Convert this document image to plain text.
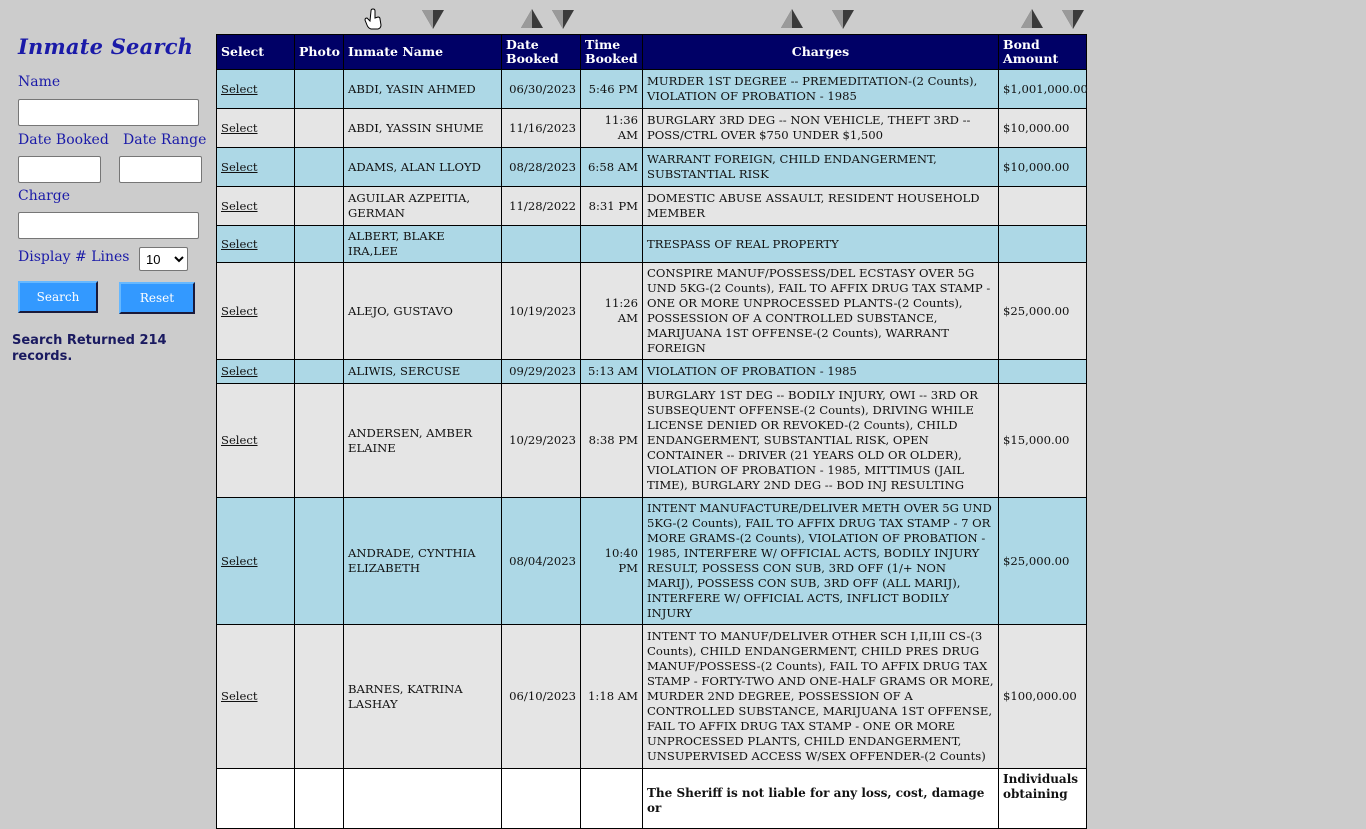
Inmate Search
Name
Date Booked Date Range
Charge
Display # Lines
10
Search	Reset
Search Returned 214 records.
Select	Photo	Inmate Name	Date Booked	Time Booked	Charges	Bond Amount
Select		ABDI, YASIN AHMED	06/30/2023	5:46 PM	MURDER 1ST DEGREE -- PREMEDITATION-(2 Counts), VIOLATION OF PROBATION - 1985	$1,001,000.00
Select		ABDI, YASSIN SHUME	11/16/2023	11:36 AM	BURGLARY 3RD DEG -- NON VEHICLE, THEFT 3RD -- POSS/CTRL OVER $750 UNDER $1,500	$10,000.00
Select		ADAMS, ALAN LLOYD	08/28/2023	6:58 AM	WARRANT FOREIGN, CHILD ENDANGERMENT, SUBSTANTIAL RISK	$10,000.00
Select		AGUILAR AZPEITIA, GERMAN	11/28/2022	8:31 PM	DOMESTIC ABUSE ASSAULT, RESIDENT HOUSEHOLD MEMBER	
Select		ALBERT, BLAKE IRA,LEE			TRESPASS OF REAL PROPERTY	
Select		ALEJO, GUSTAVO	10/19/2023	11:26 AM	CONSPIRE MANUF/POSSESS/DEL ECSTASY OVER 5G UND 5KG-(2 Counts), FAIL TO AFFIX DRUG TAX STAMP - ONE OR MORE UNPROCESSED PLANTS-(2 Counts), POSSESSION OF A CONTROLLED SUBSTANCE, MARIJUANA 1ST OFFENSE-(2 Counts), WARRANT FOREIGN	$25,000.00
Select		ALIWIS, SERCUSE	09/29/2023	5:13 AM	VIOLATION OF PROBATION - 1985	
Select		ANDERSEN, AMBER ELAINE	10/29/2023	8:38 PM	BURGLARY 1ST DEG -- BODILY INJURY, OWI -- 3RD OR SUBSEQUENT OFFENSE-(2 Counts), DRIVING WHILE LICENSE DENIED OR REVOKED-(2 Counts), CHILD ENDANGERMENT, SUBSTANTIAL RISK, OPEN CONTAINER -- DRIVER (21 YEARS OLD OR OLDER), VIOLATION OF PROBATION - 1985, MITTIMUS (JAIL TIME), BURGLARY 2ND DEG -- BOD INJ RESULTING	$15,000.00
Select		ANDRADE, CYNTHIA ELIZABETH	08/04/2023	10:40 PM	INTENT MANUFACTURE/DELIVER METH OVER 5G UND 5KG-(2 Counts), FAIL TO AFFIX DRUG TAX STAMP - 7 OR MORE GRAMS-(2 Counts), VIOLATION OF PROBATION - 1985, INTERFERE W/ OFFICIAL ACTS, BODILY INJURY RESULT, POSSESS CON SUB, 3RD OFF (1/+ NON MARIJ), POSSESS CON SUB, 3RD OFF (ALL MARIJ), INTERFERE W/ OFFICIAL ACTS, INFLICT BODILY INJURY	$25,000.00
Select		BARNES, KATRINA LASHAY	06/10/2023	1:18 AM	INTENT TO MANUF/DELIVER OTHER SCH I,II,III CS-(3 Counts), CHILD ENDANGERMENT, CHILD PRES DRUG MANUF/POSSESS-(2 Counts), FAIL TO AFFIX DRUG TAX STAMP - FORTY-TWO AND ONE-HALF GRAMS OR MORE, MURDER 2ND DEGREE, POSSESSION OF A CONTROLLED SUBSTANCE, MARIJUANA 1ST OFFENSE, FAIL TO AFFIX DRUG TAX STAMP - ONE OR MORE UNPROCESSED PLANTS, CHILD ENDANGERMENT, UNSUPERVISED ACCESS W/SEX OFFENDER-(2 Counts)	$100,000.00

					The Sheriff is not liable for any loss, cost, damage or	Individuals obtaining
